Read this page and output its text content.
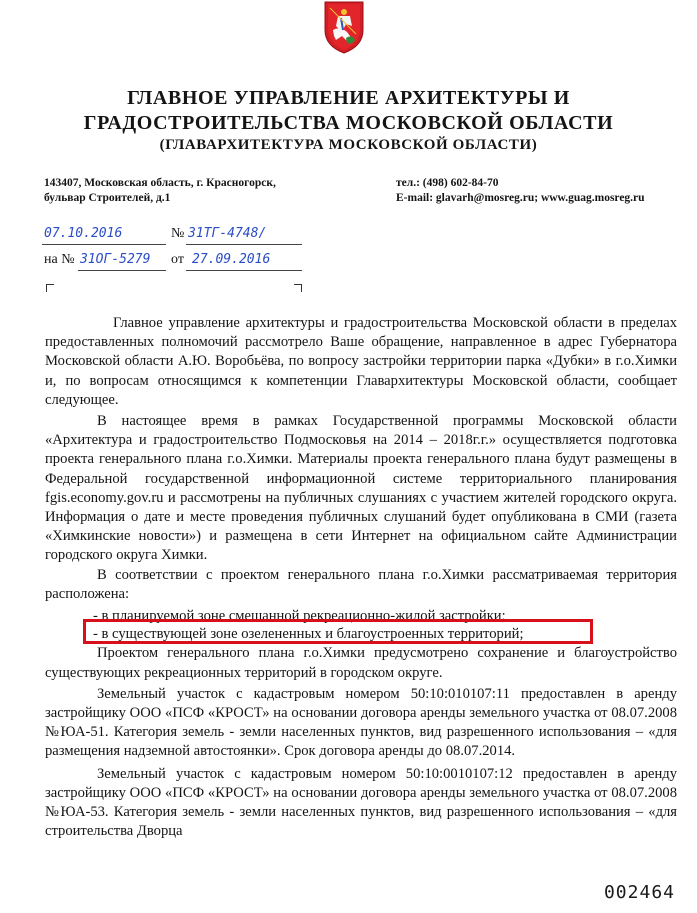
ГЛАВНОЕ УПРАВЛЕНИЕ АРХИТЕКТУРЫ И
ГРАДОСТРОИТЕЛЬСТВА МОСКОВСКОЙ ОБЛАСТИ
(ГЛАВАРХИТЕКТУРА МОСКОВСКОЙ ОБЛАСТИ)
143407, Московская область, г. Красногорск,
бульвар Строителей, д.1
тел.: (498) 602-84-70
E-mail: glavarh@mosreg.ru; www.guag.mosreg.ru
07.10.2016	№ 31ТГ-4748/
на № 31ОГ-5279 от 27.09.2016

Главное управление архитектуры и градостроительства Московской области в пределах предоставленных полномочий рассмотрело Ваше обращение, направленное в адрес Губернатора Московской области А.Ю. Воробьёва, по вопросу застройки территории парка «Дубки» в г.о.Химки и, по вопросам относящимся к компетенции Главархитектуры Московской области, сообщает следующее.

В настоящее время в рамках Государственной программы Московской области «Архитектура и градостроительство Подмосковья на 2014 – 2018г.г.» осуществляется подготовка проекта генерального плана г.о.Химки. Материалы проекта генерального плана будут размещены в Федеральной государственной информационной системе территориального планирования fgis.economy.gov.ru и рассмотрены на публичных слушаниях с участием жителей городского округа. Информация о дате и месте проведения публичных слушаний будет опубликована в СМИ (газета «Химкинские новости») и размещена в сети Интернет на официальном сайте Администрации городского округа Химки.

В соответствии с проектом генерального плана г.о.Химки рассматриваемая территория расположена:

- в планируемой зоне смешанной рекреационно-жилой застройки;

- в существующей зоне озелененных и благоустроенных территорий;

Проектом генерального плана г.о.Химки предусмотрено сохранение и благоустройство существующих рекреационных территорий в городском округе.

Земельный участок с кадастровым номером 50:10:010107:11 предоставлен в аренду застройщику ООО «ПСФ «КРОСТ» на основании договора аренды земельного участка от 08.07.2008 №ЮА-51. Категория земель - земли населенных пунктов, вид разрешенного использования – «для размещения надземной автостоянки». Срок договора аренды до 08.07.2014.

Земельный участок с кадастровым номером 50:10:0010107:12 предоставлен в аренду застройщику ООО «ПСФ «КРОСТ» на основании договора аренды земельного участка от 08.07.2008 №ЮА-53. Категория земель - земли населенных пунктов, вид разрешенного использования – «для строительства Дворца

002464
